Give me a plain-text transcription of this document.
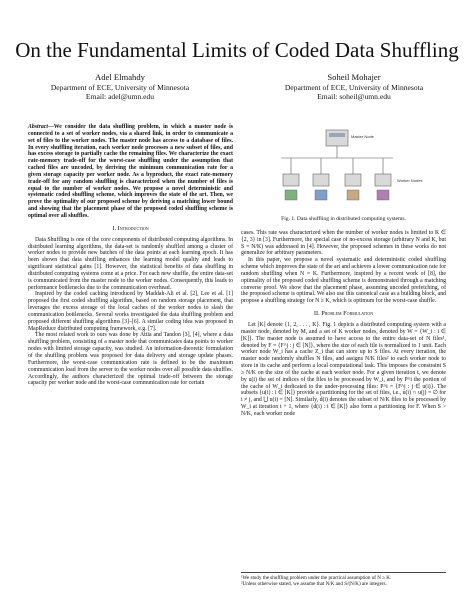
On the Fundamental Limits of Coded Data Shuffling
Adel Elmahdy
Department of ECE, University of Minnesota
Email: adel@umn.edu
Soheil Mohajer
Department of ECE, University of Minnesota
Email: soheil@umn.edu

Abstract—We consider the data shuffling problem, in which a master node is connected to a set of worker nodes, via a shared link, in order to communicate a set of files to the worker nodes. The master node has access to a database of files. In every shuffling iteration, each worker node processes a new subset of files, and has excess storage to partially cache the remaining files. We characterize the exact rate-memory trade-off for the worst-case shuffling under the assumption that cached files are uncoded, by deriving the minimum communication rate for a given storage capacity per worker node. As a byproduct, the exact rate-memory trade-off for any random shuffling is characterized when the number of files is equal to the number of worker nodes. We propose a novel deterministic and systematic coded shuffling scheme, which improves the state of the art. Then, we prove the optimality of our proposed scheme by deriving a matching lower bound and showing that the placement phase of the proposed coded shuffling scheme is optimal over all shuffles.

I. Introduction

Data Shuffling is one of the core components of distributed computing algorithms. In distributed learning algorithms, the data-set is randomly shuffled among a cluster of worker nodes to provide new batches of the data points at each learning epoch. It has been shown that data shuffling enhances the learning model quality and leads to significant statistical gains [1]. However, the statistical benefits of data shuffling in distributed computing systems come at a price. For each new shuffle, the entire data-set is communicated from the master node to the worker nodes. Consequently, this leads to performance bottlenecks due to the communication overhead.

Inspired by the coded caching introduced by Maddah-Ali et al. [2], Lee et al. [1] proposed the first coded shuffling algorithm, based on random storage placement, that leverages the excess storage of the local caches of the worker nodes to slash the communication bottlenecks. Several works investigated the data shuffling problem and proposed different shuffling algorithms [3]–[6]. A similar coding idea was proposed in MapReduce distributed computing framework, e.g. [7].

The most related work to ours was done by Attia and Tandon [3], [4], where a data shuffling problem, consisting of a master node that communicates data points to worker nodes with limited storage capacity, was studied. An information-theoretic formulation of the shuffling problem was proposed for data delivery and storage update phases. Furthermore, the worst-case communication rate is defined to be the maximum communication load from the server to the worker nodes over all possible data shuffles. Accordingly, the authors characterized the optimal trade-off between the storage capacity per worker node and the worst-case communication rate for certain

Master Node
Worker Nodes
Fig. 1. Data shuffling in distributed computing systems.

cases. This rate was characterized when the number of worker nodes is limited to K ∈ {2, 3} in [3]. Furthermore, the special case of no-excess storage (arbitrary N and K, but S = N/K) was addressed in [4]. However, the proposed schemes in these works do not generalize for arbitrary parameters.

In this paper, we propose a novel systematic and deterministic coded shuffling scheme which improves the state of the art and achieves a lower communication rate for random shuffling when N = K. Furthermore, inspired by a recent work of [8], the optimality of the proposed coded shuffling scheme is demonstrated through a matching converse proof. We show that the placement phase, assuming uncoded prefetching, of the proposed scheme is optimal. We also use this canonical case as a building block, and propose a shuffling strategy for N ≥ K, which is optimum for the worst-case shuffle.

II. Problem Formulation

Let [K] denote {1, 2, . . . , K}. Fig. 1 depicts a distributed computing system with a master node, denoted by M, and a set of K worker nodes, denoted by W = {W_i : i ∈ [K]}. The master node is assumed to have access to the entire data-set of N files¹, denoted by F = {F^j : j ∈ [N]}, where the size of each file is normalized to 1 unit. Each worker node W_i has a cache Z_i that can store up to S files. At every iteration, the master node randomly shuffles N files, and assigns N/K files² to each worker node to store in its cache and perform a local computational task. This imposes the constraint S ≥ N/K on the size of the cache at each worker node. For a given iteration t, we denote by u(i) the set of indices of the files to be processed by W_i, and by P^i the portion of the cache of W_i dedicated to the under-processing files: P^i = {F^j : j ∈ u(i)}. The subsets {u(i) : i ∈ [K]} provide a partitioning for the set of files, i.e., u(i) ∩ u(j) = ∅ for i ≠ j, and ⋃ u(i) = [N]. Similarly, d(i) denotes the subset of N/K files to be processed by W_i at iteration t + 1, where {d(i) : i ∈ [K]} also form a partitioning for F. When S > N/K, each worker node

¹We study the shuffling problem under the practical assumption of N ≥ K.

²Unless otherwise stated, we assume that N/K and S/(N/K) are integers.
